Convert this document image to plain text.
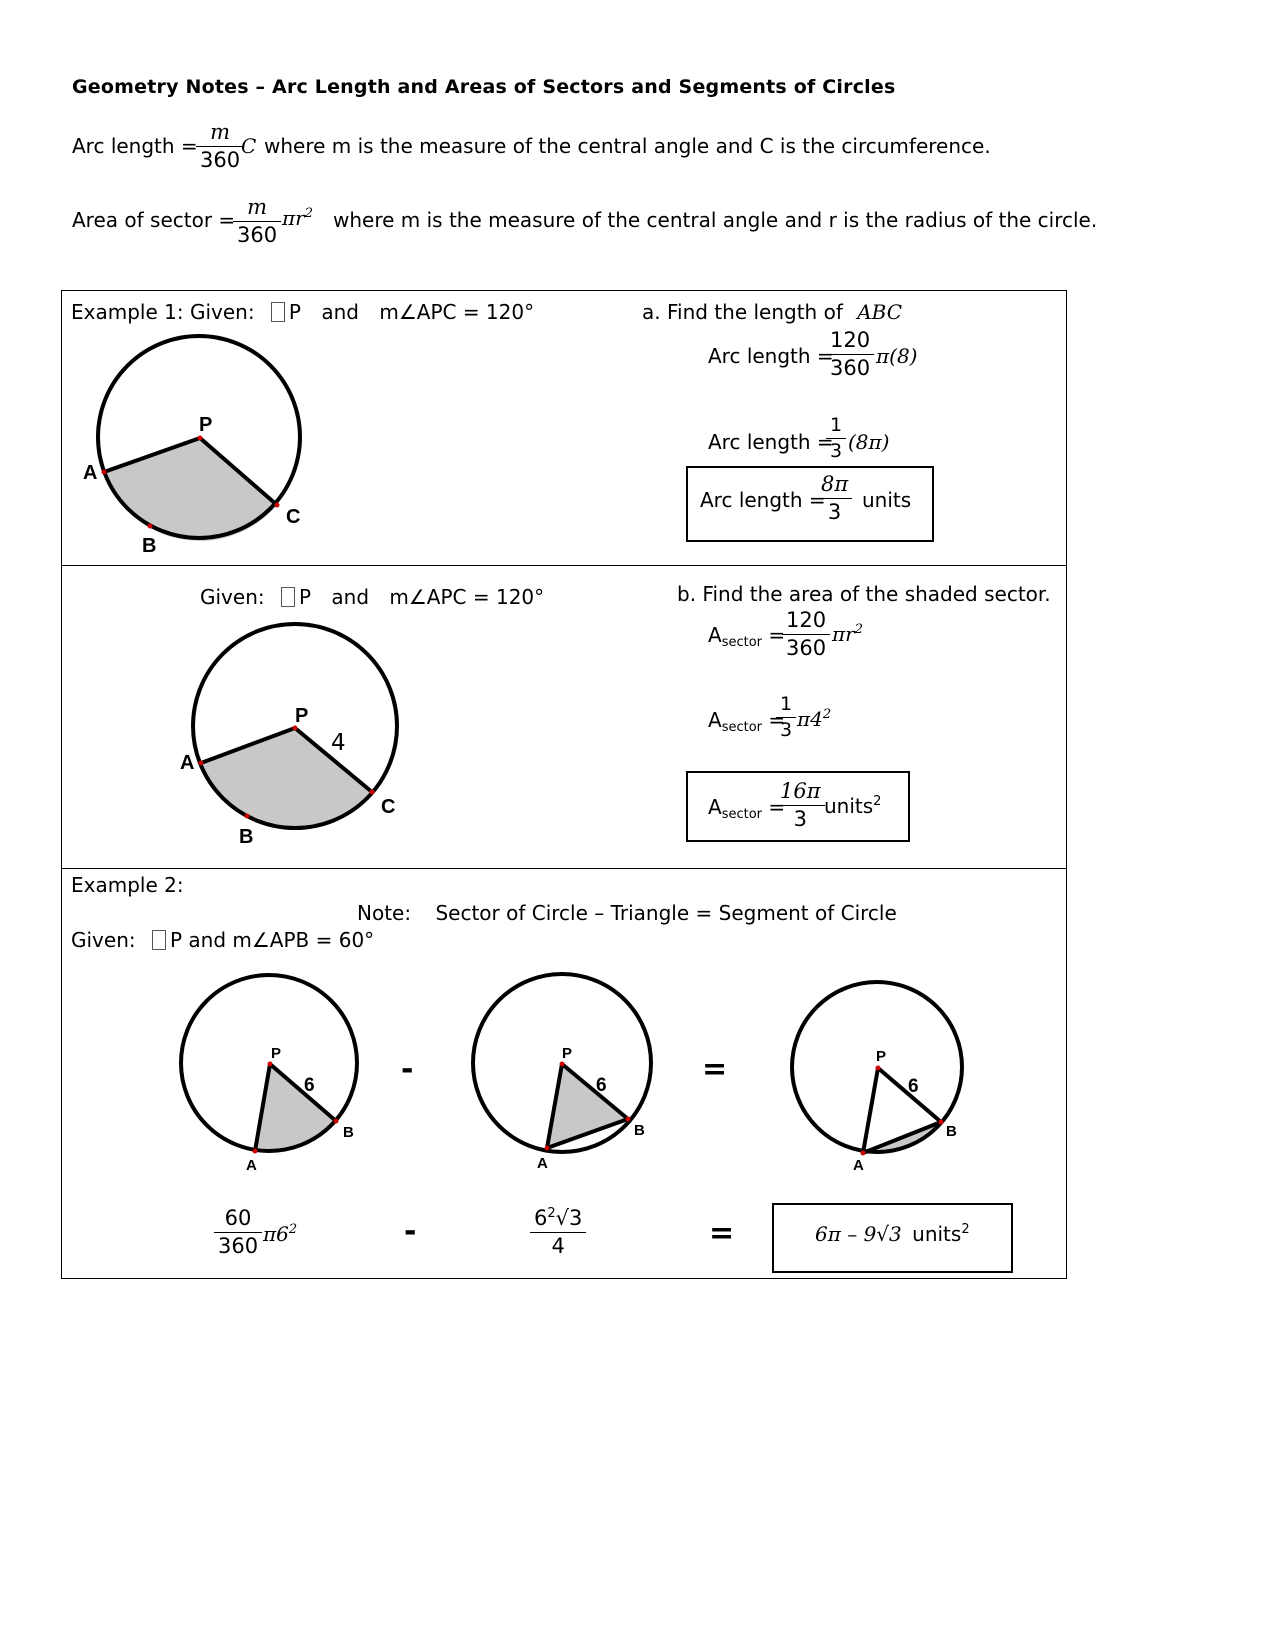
Geometry Notes – Arc Length and Areas of Sectors and Segments of Circles
Arc length =
$\frac{m}{360}$
C where m is the measure of the central angle and C is the circumference.
Area of sector =
$\frac{m}{360} \pi r^2$ where m is the measure of the central angle and r is the radius of the circle.
Example 1: Given: P and m∠APC = 120°
P
A
B
C
a. Find the length of ABC
Arc length =
$\frac{120}{360} \pi(8)$
Arc length =
$\frac{1}{3} (8\pi)$
Arc length =
$\frac{8\pi}{3}$ units
Given: P and m∠APC = 120°
P
4
A
B
C
b. Find the area of the shaded sector.
$A_{sector}$ =
$\frac{120}{360} \pi r^2$
$A_{sector}$ =
$\frac{1}{3} \pi 4^2$
$A_{sector}$ =
$\frac{16\pi}{3}$ units$^2$
Example 2:
Note: Sector of Circle – Triangle = Segment of Circle
Given: P and m∠APB = 60°
P
6
A
B
-	P
6
A
B
=	P
6
A
B
$\frac{60}{360} \pi 6^2$	-	$\frac{6^2√3}{4}$	=	6π – 9√3 units$^2$
